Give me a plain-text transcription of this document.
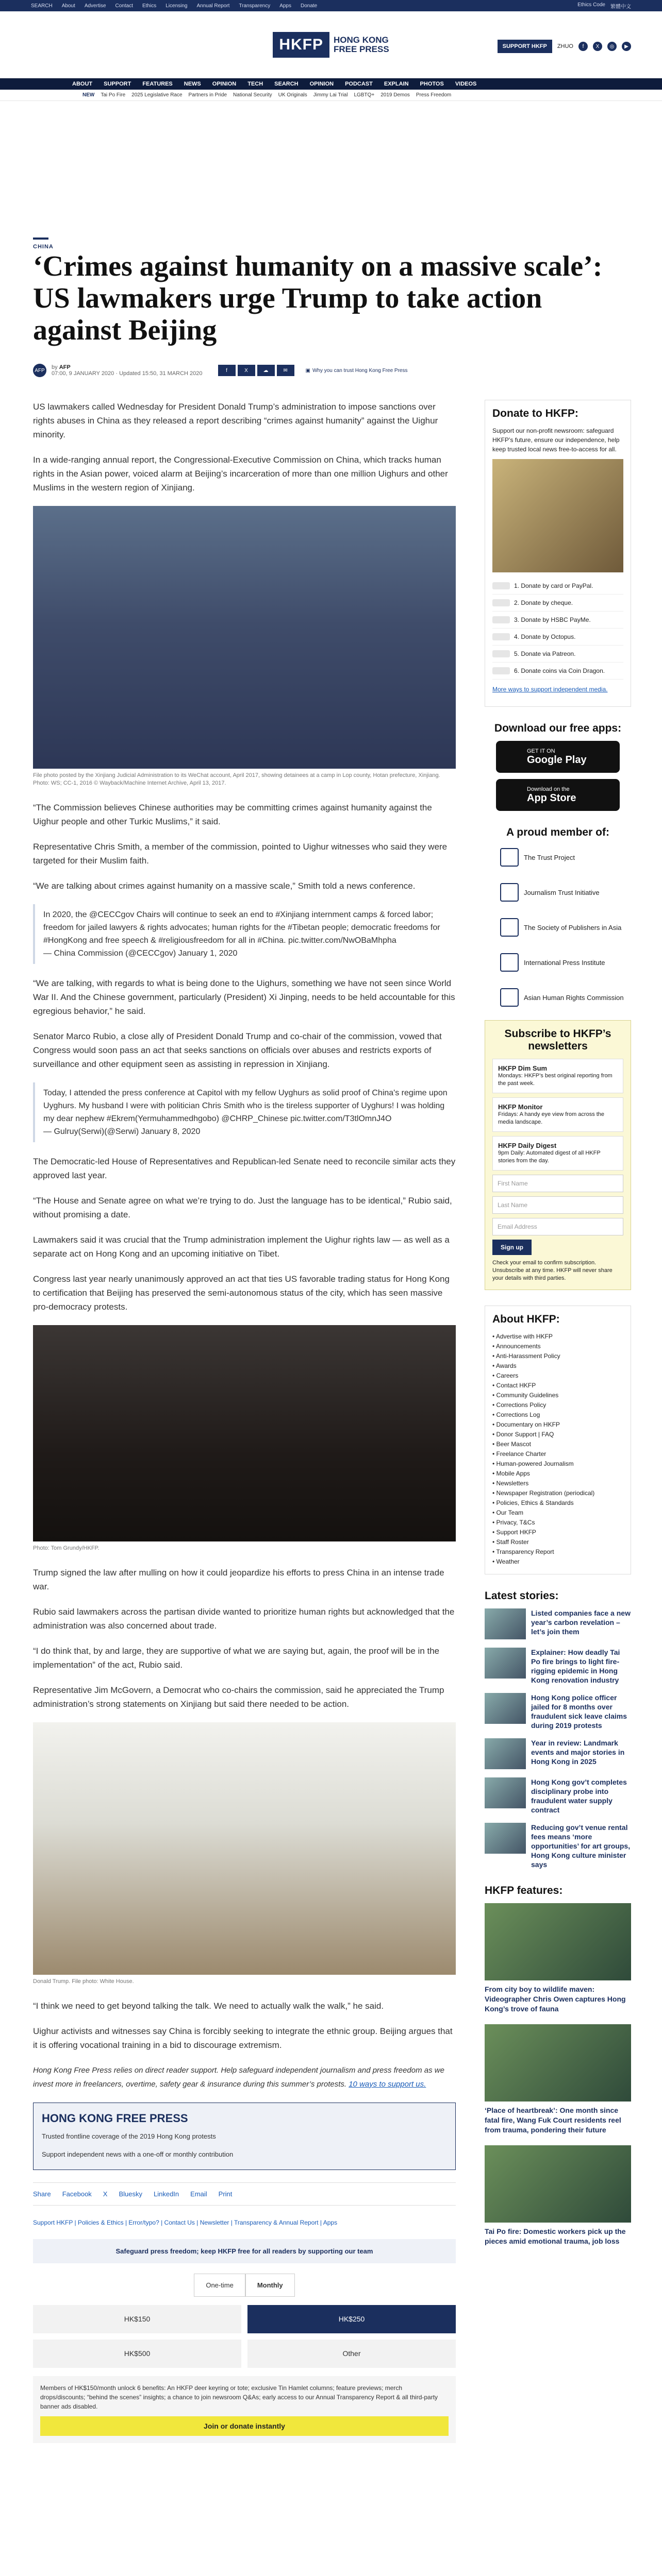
SEARCH About Advertise Contact Ethics Licensing Annual Report Transparency Apps Donate	Ethics Code 繁體中文
HKFP	HONG KONG
FREE PRESS	SUPPORT HKFP	ZHUO	f	X	◎	▶
ABOUT SUPPORT FEATURES NEWS OPINION TECH SEARCH OPINION PODCAST EXPLAIN PHOTOS VIDEOS
NEW Tai Po Fire 2025 Legislative Race Partners in Pride National Security UK Originals Jimmy Lai Trial LGBTQ+ 2019 Demos Press Freedom
CHINA
‘Crimes against humanity on a massive scale’: US lawmakers urge Trump to take action against Beijing
AFP by AFP
07:00, 9 JANUARY 2020 · Updated 15:50, 31 MARCH 2020	f	X	☁	✉	▣ Why you can trust Hong Kong Free Press

US lawmakers called Wednesday for President Donald Trump’s administration to impose sanctions over rights abuses in China as they released a report describing “crimes against humanity” against the Uighur minority.

In a wide-ranging annual report, the Congressional-Executive Commission on China, which tracks human rights in the Asian power, voiced alarm at Beijing’s incarceration of more than one million Uighurs and other Muslims in the western region of Xinjiang.

File photo posted by the Xinjiang Judicial Administration to its WeChat account, April 2017, showing detainees at a camp in Lop county, Hotan prefecture, Xinjiang. Photo: WS; CC-1, 2016 © Wayback/Machine Internet Archive, April 13, 2017.

“The Commission believes Chinese authorities may be committing crimes against humanity against the Uighur people and other Turkic Muslims,” it said.

Representative Chris Smith, a member of the commission, pointed to Uighur witnesses who said they were targeted for their Muslim faith.

“We are talking about crimes against humanity on a massive scale,” Smith told a news conference.

In 2020, the @CECCgov Chairs will continue to seek an end to #Xinjiang internment camps & forced labor; freedom for jailed lawyers & rights advocates; human rights for the #Tibetan people; democratic freedoms for #HongKong and free speech & #religiousfreedom for all in #China. pic.twitter.com/NwOBaMhpha
— China Commission (@CECCgov) January 1, 2020

“We are talking, with regards to what is being done to the Uighurs, something we have not seen since World War II. And the Chinese government, particularly (President) Xi Jinping, needs to be held accountable for this egregious behavior,” he said.

Senator Marco Rubio, a close ally of President Donald Trump and co-chair of the commission, vowed that Congress would soon pass an act that seeks sanctions on officials over abuses and restricts exports of surveillance and other equipment seen as assisting in repression in Xinjiang.

Today, I attended the press conference at Capitol with my fellow Uyghurs as solid proof of China's regime upon Uyghurs. My husband I were with politician Chris Smith who is the tireless supporter of Uyghurs! I was holding my dear nephew #Ekrem(Yermuhammedhgobo) @CHRP_Chinese pic.twitter.com/T3tlOmnJ4O
— Gulruy(Serwi)(@Serwi) January 8, 2020

The Democratic-led House of Representatives and Republican-led Senate need to reconcile similar acts they approved last year.

“The House and Senate agree on what we’re trying to do. Just the language has to be identical,” Rubio said, without promising a date.

Lawmakers said it was crucial that the Trump administration implement the Uighur rights law — as well as a separate act on Hong Kong and an upcoming initiative on Tibet.

Congress last year nearly unanimously approved an act that ties US favorable trading status for Hong Kong to certification that Beijing has preserved the semi-autonomous status of the city, which has seen massive pro-democracy protests.

Photo: Tom Grundy/HKFP.

Trump signed the law after mulling on how it could jeopardize his efforts to press China in an intense trade war.

Rubio said lawmakers across the partisan divide wanted to prioritize human rights but acknowledged that the administration was also concerned about trade.

“I do think that, by and large, they are supportive of what we are saying but, again, the proof will be in the implementation” of the act, Rubio said.

Representative Jim McGovern, a Democrat who co-chairs the commission, said he appreciated the Trump administration’s strong statements on Xinjiang but said there needed to be action.

Donald Trump. File photo: White House.

“I think we need to get beyond talking the talk. We need to actually walk the walk,” he said.

Uighur activists and witnesses say China is forcibly seeking to integrate the ethnic group. Beijing argues that it is offering vocational training in a bid to discourage extremism.

Hong Kong Free Press relies on direct reader support. Help safeguard independent journalism and press freedom as we invest more in freelancers, overtime, safety gear & insurance during this summer’s protests. 10 ways to support us.

HONG KONG FREE PRESS
Trusted frontline coverage of the 2019 Hong Kong protests
Support independent news with a one-off or monthly contribution
Share Facebook X Bluesky LinkedIn Email Print
Support HKFP | Policies & Ethics | Error/typo? | Contact Us | Newsletter | Transparency & Annual Report | Apps
Safeguard press freedom; keep HKFP free for all readers by supporting our team
One-time	Monthly
HK$150	HK$250
HK$500	Other
Members of HK$150/month unlock 6 benefits: An HKFP deer keyring or tote; exclusive Tin Hamlet columns; feature previews; merch drops/discounts; “behind the scenes” insights; a chance to join newsroom Q&As; early access to our Annual Transparency Report & all third-party banner ads disabled.
Join or donate instantly
Donate to HKFP:

Support our non-profit newsroom: safeguard HKFP’s future, ensure our independence, help keep trusted local news free-to-access for all.

1. Donate by card or PayPal.
2. Donate by cheque.
3. Donate by HSBC PayMe.
4. Donate by Octopus.
5. Donate via Patreon.
6. Donate coins via Coin Dragon.

More ways to support independent media.

Download our free apps:
GET IT ON
Google Play
Download on the
App Store
A proud member of:
The Trust Project
Journalism Trust Initiative
The Society of Publishers in Asia
International Press Institute
Asian Human Rights Commission
Subscribe to HKFP’s newsletters
HKFP Dim Sum
Mondays: HKFP’s best original reporting from the past week.
HKFP Monitor
Fridays: A handy eye view from across the media landscape.
HKFP Daily Digest
9pm Daily: Automated digest of all HKFP stories from the day.
First Name
Last Name
Email Address
Sign up

Check your email to confirm subscription. Unsubscribe at any time. HKFP will never share your details with third parties.

About HKFP:
• Advertise with HKFP
• Announcements
• Anti-Harassment Policy
• Awards
• Careers
• Contact HKFP
• Community Guidelines
• Corrections Policy
• Corrections Log
• Documentary on HKFP
• Donor Support | FAQ
• Beer Mascot
• Freelance Charter
• Human-powered Journalism
• Mobile Apps
• Newsletters
• Newspaper Registration (periodical)
• Policies, Ethics & Standards
• Our Team
• Privacy, T&Cs
• Support HKFP
• Staff Roster
• Transparency Report
• Weather
Latest stories:
Listed companies face a new year’s carbon revelation – let’s join them
Explainer: How deadly Tai Po fire brings to light fire-rigging epidemic in Hong Kong renovation industry
Hong Kong police officer jailed for 8 months over fraudulent sick leave claims during 2019 protests
Year in review: Landmark events and major stories in Hong Kong in 2025
Hong Kong gov’t completes disciplinary probe into fraudulent water supply contract
Reducing gov’t venue rental fees means ‘more opportunities’ for art groups, Hong Kong culture minister says
HKFP features:
From city boy to wildlife maven: Videographer Chris Owen captures Hong Kong’s trove of fauna
‘Place of heartbreak’: One month since fatal fire, Wang Fuk Court residents reel from trauma, pondering their future
Tai Po fire: Domestic workers pick up the pieces amid emotional trauma, job loss
